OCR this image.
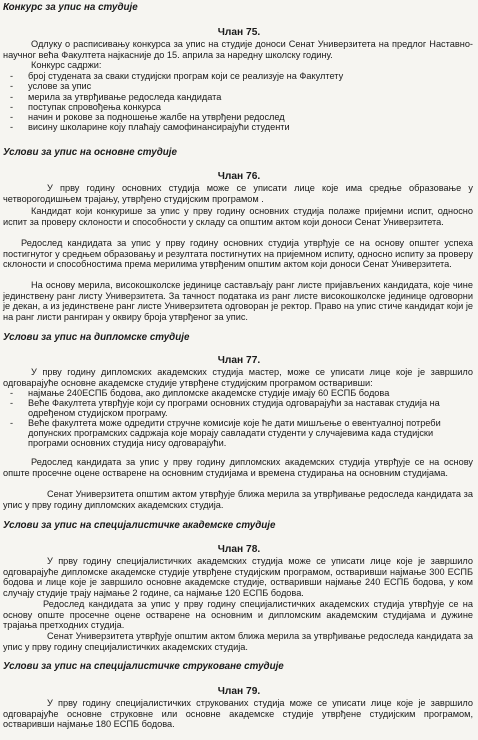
Конкурс за упис на студије

Члан 75.

Одлуку о расписивању конкурса за упис на студије доноси Сенат Универзитета на предлог Наставно-научног већа Факултета најкасније до 15. априла за наредну школску годину.

Конкурс садржи:

- број студената за сваки студијски програм који се реализује на Факултету
- услове за упис
- мерила за утврђивање редоследа кандидата
- поступак спровођења конкурса
- начин и рокове за подношење жалбе на утврђени редослед
- висину школарине коју плаћају самофинансирајући студенти

Услови за упис на основне студије

Члан 76.

У прву годину основних студија може се уписати лице које има средње образовање у четворогодишњем трајању, утврђено студијским програмом .

Кандидат који конкурише за упис у прву годину основних студија полаже пријемни испит, односно испит за проверу склоности и способности у складу са општим актом који доноси Сенат Универзитета.

Редослед кандидата за упис у прву годину основних студија утврђује се на основу општег успеха постигнутог у средњем образовању и резултата постигнутих на пријемном испиту, односно испиту за проверу склоности и способностима према мерилима утврђеним општим актом који доноси Сенат Универзитета.

На основу мерила, високошколске јединице састављају ранг листе пријављених кандидата, које чине јединствену ранг листу Универзитета. За тачност података из ранг листе високошколске јединице одговорни је декан, а из јединствене ранг листе Универзитета одговоран је ректор. Право на упис стиче кандидат који је на ранг листи рангиран у оквиру броја утврђеног за упис.

Услови за упис на дипломске студије

Члан 77.

У прву годину дипломских академских студија мастер, може се уписати лице које је завршило одговарајуће основне академске студије утврђене студијским програмом остваривши:

- најмање 240ЕСПБ бодова, ако дипломске академске студије имају 60 ЕСПБ бодова
- Веће Факултета утврђује који су програми основних студија одговарајући за наставак студија на одређеном студијском програму.
- Веће факултета може одредити стручне комисије које ће дати мишљење о евентуалној потреби допунских програмских садржаја које морају савладати студенти у случајевима када студијски програми основних студија нису одговарајући.

Редослед кандидата за упис у прву годину дипломских академских студија утврђује се на основу опште просечне оцене остварене на основним студијама и времена студирања на основним студијама.

Сенат Универзитета општим актом утврђује ближа мерила за утврђивање редоследа кандидата за упис у прву годину дипломских академских студија.

Услови за упис на специјалистичке академске студије

Члан 78.

У прву годину специјалистичких академских студија може се уписати лице које је завршило одговарајуће дипломске академске студије утврђене студијским програмом, остваривши најмање 300 ЕСПБ бодова и лице које је завршило основне академске студије, остваривши најмање 240 ЕСПБ бодова, у ком случају студије трају најмање 2 године, са најмање 120 ЕСПБ бодова.

Редослед кандидата за упис у прву годину специјалистичких академских студија утврђује се на основу опште просечне оцене остварене на основним и дипломским академским студијама и дужине трајања претходних студија.

Сенат Универзитета утврђује општим актом ближа мерила за утврђивање редоследа кандидата за упис у прву годину специјалистичких академских студија.

Услови за упис на специјалистичке струковане студије

Члан 79.

У прву годину специјалистичких струкованих студија може се уписати лице које је завршило одговарајуће основне струковне или основне академске студије утврђене студијским програмом, остваривши најмање 180 ЕСПБ бодова.
